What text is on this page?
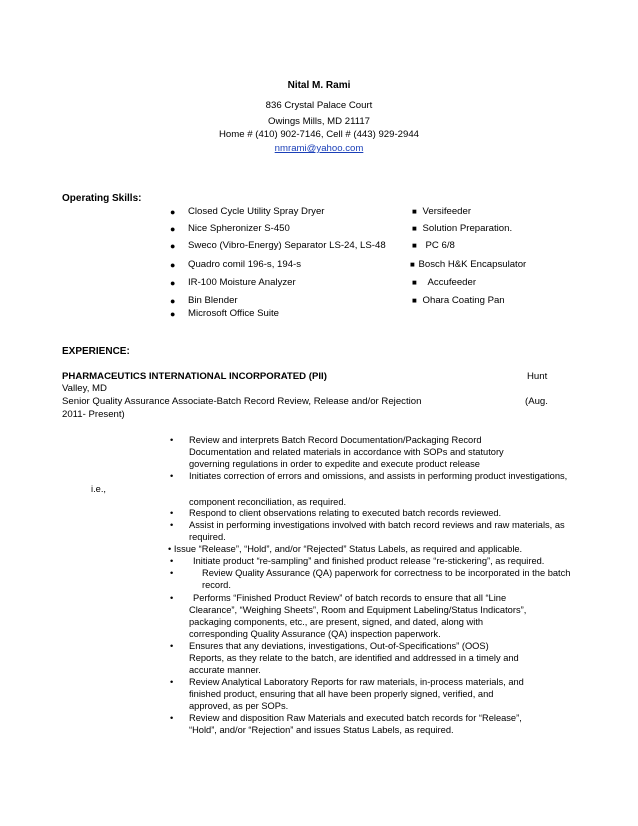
Nital M. Rami
836 Crystal Palace Court
Owings Mills, MD 21117
Home # (410) 902-7146, Cell # (443) 929-2944
nmrami@yahoo.com
Operating Skills:
● Closed Cycle Utility Spray Dryer
● Nice Spheronizer S-450
● Sweco (Vibro-Energy) Separator LS-24, LS-48
● Quadro comil 196-s, 194-s
● IR-100 Moisture Analyzer
● Bin Blender
● Microsoft Office Suite
■ Versifeeder
■ Solution Preparation.
■ PC 6/8
■ Bosch H&K Encapsulator
■ Accufeeder
■ Ohara Coating Pan
EXPERIENCE:
PHARMACEUTICS INTERNATIONAL INCORPORATED (PII)	Hunt
Valley, MD
Senior Quality Assurance Associate-Batch Record Review, Release and/or Rejection	(Aug.
2011- Present)
• Review and interprets Batch Record Documentation/Packaging Record
Documentation and related materials in accordance with SOPs and statutory
governing regulations in order to expedite and execute product release
• Initiates correction of errors and omissions, and assists in performing product investigations,
i.e.,
component reconciliation, as required.
• Respond to client observations relating to executed batch records reviewed.
• Assist in performing investigations involved with batch record reviews and raw materials, as
required.
• Issue “Release”, “Hold”, and/or “Rejected” Status Labels, as required and applicable.
• Initiate product “re-sampling” and finished product release “re-stickering”, as required.
•	Review Quality Assurance (QA) paperwork for correctness to be incorporated in the batch
record.
• Performs “Finished Product Review” of batch records to ensure that all “Line
Clearance”, “Weighing Sheets”, Room and Equipment Labeling/Status Indicators”,
packaging components, etc., are present, signed, and dated, along with
corresponding Quality Assurance (QA) inspection paperwork.
• Ensures that any deviations, investigations, Out-of-Specifications” (OOS)
Reports, as they relate to the batch, are identified and addressed in a timely and
accurate manner.
• Review Analytical Laboratory Reports for raw materials, in-process materials, and
finished product, ensuring that all have been properly signed, verified, and
approved, as per SOPs.
• Review and disposition Raw Materials and executed batch records for “Release”,
“Hold”, and/or “Rejection” and issues Status Labels, as required.
